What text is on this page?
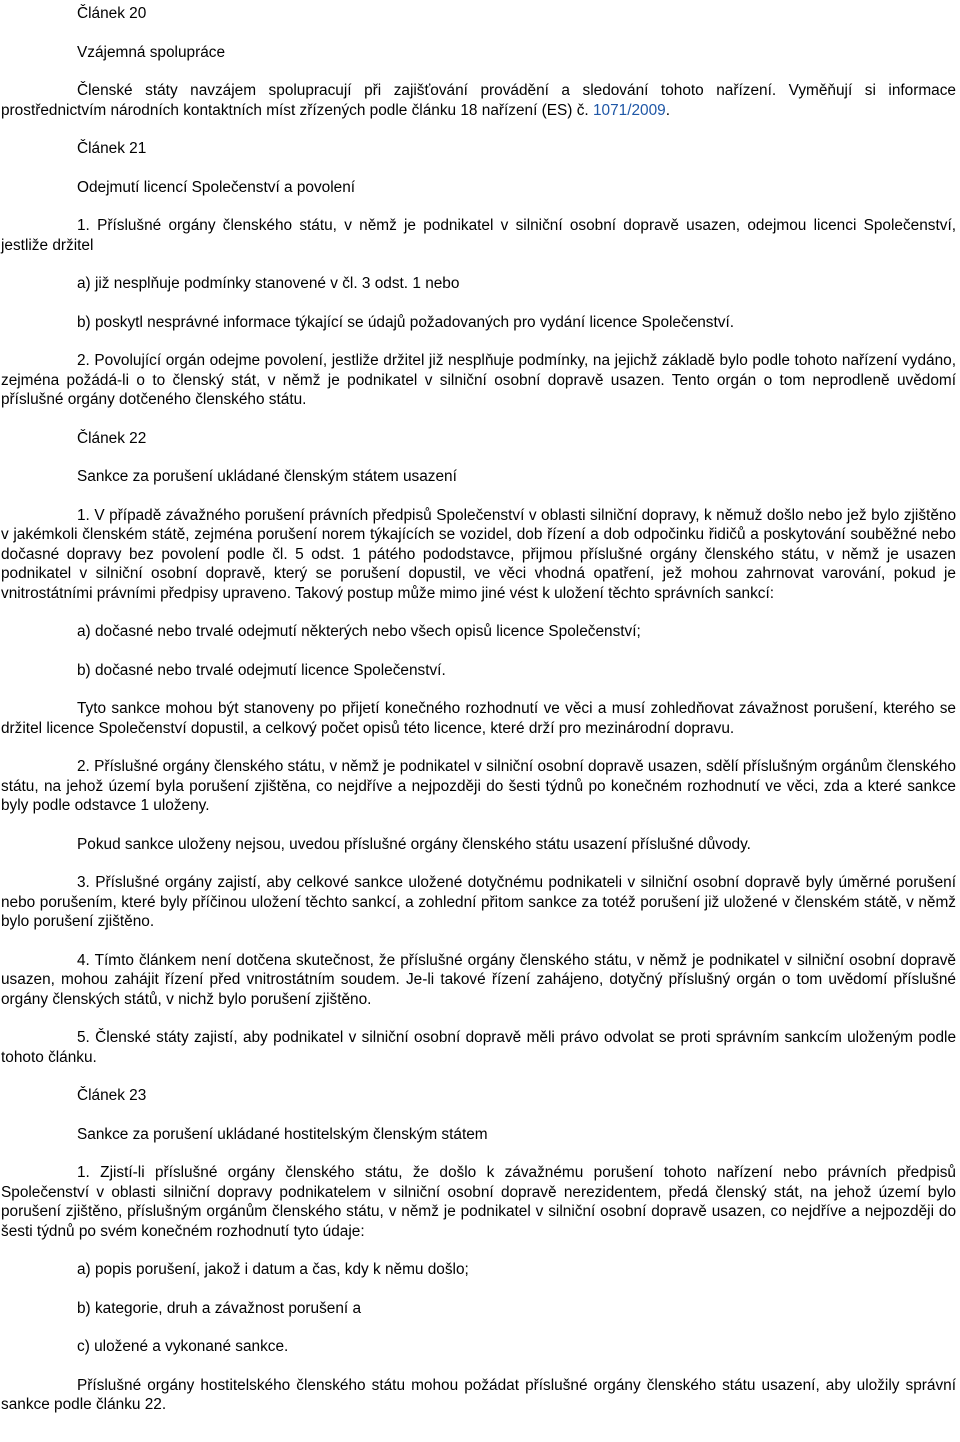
Článek 20
Vzájemná spolupráce

Členské státy navzájem spolupracují při zajišťování provádění a sledování tohoto nařízení. Vyměňují si informace prostřednictvím národních kontaktních míst zřízených podle článku 18 nařízení (ES) č. 1071/2009.

Článek 21
Odejmutí licencí Společenství a povolení

1. Příslušné orgány členského státu, v němž je podnikatel v silniční osobní dopravě usazen, odejmou licenci Společenství, jestliže držitel

a) již nesplňuje podmínky stanovené v čl. 3 odst. 1 nebo
b) poskytl nesprávné informace týkající se údajů požadovaných pro vydání licence Společenství.

2. Povolující orgán odejme povolení, jestliže držitel již nesplňuje podmínky, na jejichž základě bylo podle tohoto nařízení vydáno, zejména požádá-li o to členský stát, v němž je podnikatel v silniční osobní dopravě usazen. Tento orgán o tom neprodleně uvědomí příslušné orgány dotčeného členského státu.

Článek 22
Sankce za porušení ukládané členským státem usazení

1. V případě závažného porušení právních předpisů Společenství v oblasti silniční dopravy, k němuž došlo nebo jež bylo zjištěno v jakémkoli členském státě, zejména porušení norem týkajících se vozidel, dob řízení a dob odpočinku řidičů a poskytování souběžné nebo dočasné dopravy bez povolení podle čl. 5 odst. 1 pátého pododstavce, přijmou příslušné orgány členského státu, v němž je usazen podnikatel v silniční osobní dopravě, který se porušení dopustil, ve věci vhodná opatření, jež mohou zahrnovat varování, pokud je vnitrostátními právními předpisy upraveno. Takový postup může mimo jiné vést k uložení těchto správních sankcí:

a) dočasné nebo trvalé odejmutí některých nebo všech opisů licence Společenství;
b) dočasné nebo trvalé odejmutí licence Společenství.

Tyto sankce mohou být stanoveny po přijetí konečného rozhodnutí ve věci a musí zohledňovat závažnost porušení, kterého se držitel licence Společenství dopustil, a celkový počet opisů této licence, které drží pro mezinárodní dopravu.

2. Příslušné orgány členského státu, v němž je podnikatel v silniční osobní dopravě usazen, sdělí příslušným orgánům členského státu, na jehož území byla porušení zjištěna, co nejdříve a nejpozději do šesti týdnů po konečném rozhodnutí ve věci, zda a které sankce byly podle odstavce 1 uloženy.

Pokud sankce uloženy nejsou, uvedou příslušné orgány členského státu usazení příslušné důvody.

3. Příslušné orgány zajistí, aby celkové sankce uložené dotyčnému podnikateli v silniční osobní dopravě byly úměrné porušení nebo porušením, které byly příčinou uložení těchto sankcí, a zohlední přitom sankce za totéž porušení již uložené v členském státě, v němž bylo porušení zjištěno.

4. Tímto článkem není dotčena skutečnost, že příslušné orgány členského státu, v němž je podnikatel v silniční osobní dopravě usazen, mohou zahájit řízení před vnitrostátním soudem. Je-li takové řízení zahájeno, dotyčný příslušný orgán o tom uvědomí příslušné orgány členských států, v nichž bylo porušení zjištěno.

5. Členské státy zajistí, aby podnikatel v silniční osobní dopravě měli právo odvolat se proti správním sankcím uloženým podle tohoto článku.

Článek 23
Sankce za porušení ukládané hostitelským členským státem

1. Zjistí-li příslušné orgány členského státu, že došlo k závažnému porušení tohoto nařízení nebo právních předpisů Společenství v oblasti silniční dopravy podnikatelem v silniční osobní dopravě nerezidentem, předá členský stát, na jehož území bylo porušení zjištěno, příslušným orgánům členského státu, v němž je podnikatel v silniční osobní dopravě usazen, co nejdříve a nejpozději do šesti týdnů po svém konečném rozhodnutí tyto údaje:

a) popis porušení, jakož i datum a čas, kdy k němu došlo;
b) kategorie, druh a závažnost porušení a
c) uložené a vykonané sankce.

Příslušné orgány hostitelského členského státu mohou požádat příslušné orgány členského státu usazení, aby uložily správní sankce podle článku 22.
